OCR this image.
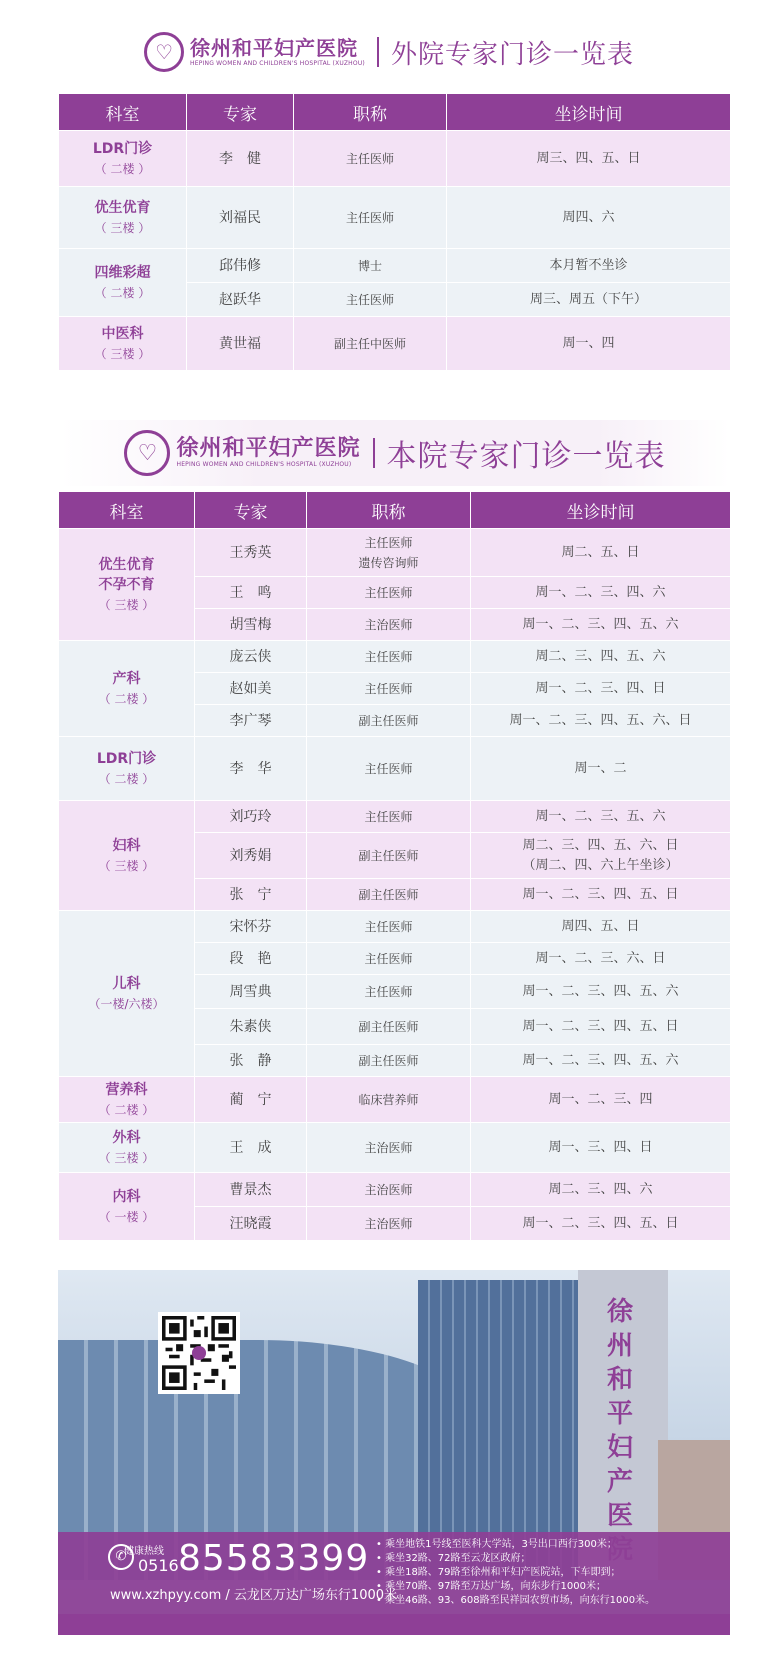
♡ 徐州和平妇产医院
HEPING WOMEN AND CHILDREN'S HOSPITAL (XUZHOU) 外院专家门诊一览表
科室	专家	职称	坐诊时间

LDR门诊
（ 二楼 ）	李　健	主任医师	周三、四、五、日

优生优育
（ 三楼 ）	刘福民	主任医师	周四、六

四维彩超
（ 二楼 ）	邱伟修	博士	本月暂不坐诊
	赵跃华	主任医师	周三、周五（下午）

中医科
（ 三楼 ）	黄世福	副主任中医师	周一、四
♡ 徐州和平妇产医院
HEPING WOMEN AND CHILDREN'S HOSPITAL (XUZHOU)	本院专家门诊一览表
科室	专家	职称	坐诊时间

优生优育
不孕不育
（ 三楼 ）	王秀英	主任医师
遗传咨询师	周二、五、日
	王　鸣	主任医师	周一、二、三、四、六
	胡雪梅	主治医师	周一、二、三、四、五、六

产科
（ 二楼 ）	庞云侠	主任医师	周二、三、四、五、六
	赵如美	主任医师	周一、二、三、四、日
	李广琴	副主任医师	周一、二、三、四、五、六、日

LDR门诊
（ 二楼 ）	李　华	主任医师	周一、二

妇科
（ 三楼 ）	刘巧玲	主任医师	周一、二、三、五、六
	刘秀娟	副主任医师	周二、三、四、五、六、日
（周二、四、六上午坐诊）

	张　宁	副主任医师	周一、二、三、四、五、日

儿科
（一楼/六楼）	宋怀芬	主任医师	周四、五、日
	段　艳	主任医师	周一、二、三、六、日
	周雪典	主任医师	周一、二、三、四、五、六
	朱素侠	副主任医师	周一、二、三、四、五、日
	张　静	副主任医师	周一、二、三、四、五、六

营养科
（ 二楼 ）	蔺　宁	临床营养师	周一、二、三、四

外科
（ 三楼 ）	王　成	主治医师	周一、三、四、日

内科
（ 一楼 ）	曹景杰	主治医师	周二、三、四、六
	汪晓霞	主治医师	周一、二、三、四、五、日
徐州和平妇产医
✆
健康热线
0516 85583399
www.xzhpyy.com / 云龙区万达广场东行1000米
• 乘坐地铁1号线至医科大学站，3号出口西行300米；
• 乘坐32路、72路至云龙区政府；
• 乘坐18路、79路至徐州和平妇产医院站，下车即到；
• 乘坐70路、97路至万达广场，向东步行1000米；
• 乘坐46路、93、608路至民祥园农贸市场，向东行1000米。
